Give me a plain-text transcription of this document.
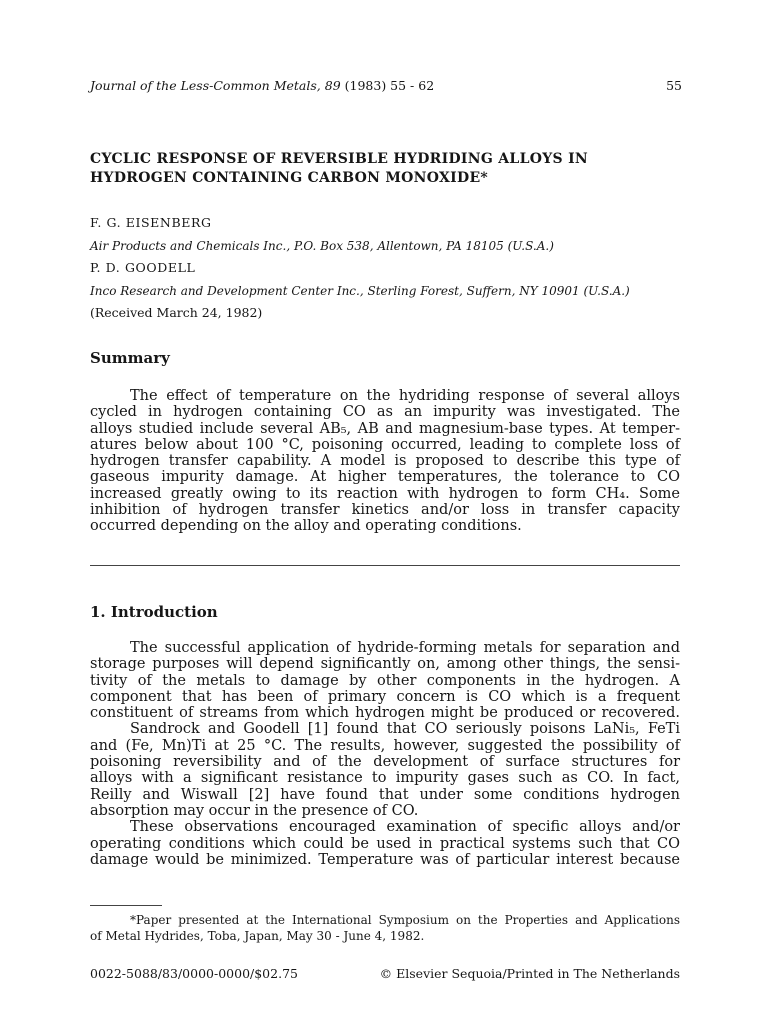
Journal of the Less-Common Metals, 89 (1983) 55 - 62	55
CYCLIC RESPONSE OF REVERSIBLE HYDRIDING ALLOYS IN
HYDROGEN CONTAINING CARBON MONOXIDE*
F. G. EISENBERG
Air Products and Chemicals Inc., P.O. Box 538, Allentown, PA 18105 (U.S.A.)
P. D. GOODELL
Inco Research and Development Center Inc., Sterling Forest, Suffern, NY 10901 (U.S.A.)
(Received March 24, 1982)
Summary
The effect of temperature on the hydriding response of several alloys
cycled in hydrogen containing CO as an impurity was investigated. The
alloys studied include several AB₅, AB and magnesium-base types. At temper-
atures below about 100 °C, poisoning occurred, leading to complete loss of
hydrogen transfer capability. A model is proposed to describe this type of
gaseous impurity damage. At higher temperatures, the tolerance to CO
increased greatly owing to its reaction with hydrogen to form CH₄. Some
inhibition of hydrogen transfer kinetics and/or loss in transfer capacity
occurred depending on the alloy and operating conditions.
1. Introduction
The successful application of hydride-forming metals for separation and
storage purposes will depend significantly on, among other things, the sensi-
tivity of the metals to damage by other components in the hydrogen. A
component that has been of primary concern is CO which is a frequent
constituent of streams from which hydrogen might be produced or recovered.
Sandrock and Goodell [1] found that CO seriously poisons LaNi₅, FeTi
and (Fe, Mn)Ti at 25 °C. The results, however, suggested the possibility of
poisoning reversibility and of the development of surface structures for
alloys with a significant resistance to impurity gases such as CO. In fact,
Reilly and Wiswall [2] have found that under some conditions hydrogen
absorption may occur in the presence of CO.
These observations encouraged examination of specific alloys and/or
operating conditions which could be used in practical systems such that CO
damage would be minimized. Temperature was of particular interest because
*Paper presented at the International Symposium on the Properties and Applications
of Metal Hydrides, Toba, Japan, May 30 - June 4, 1982.
0022-5088/83/0000-0000/$02.75	© Elsevier Sequoia/Printed in The Netherlands
